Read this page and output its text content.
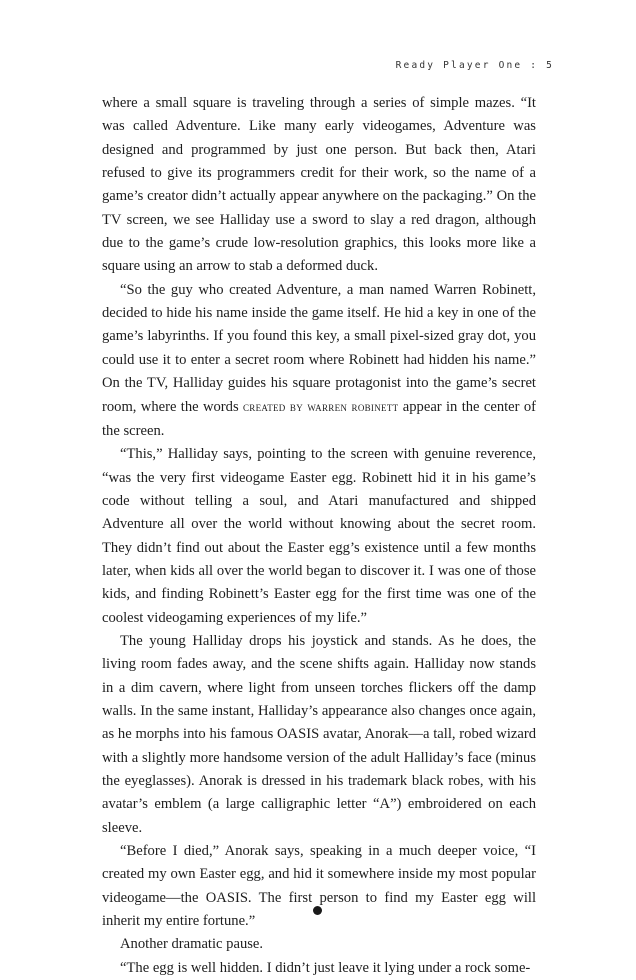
Ready Player One : 5

where a small square is traveling through a series of simple mazes. “It was called Adventure. Like many early videogames, Adventure was designed and programmed by just one person. But back then, Atari refused to give its programmers credit for their work, so the name of a game’s creator didn’t actually appear anywhere on the packaging.” On the TV screen, we see Halliday use a sword to slay a red dragon, although due to the game’s crude low-resolution graphics, this looks more like a square using an arrow to stab a deformed duck.

“So the guy who created Adventure, a man named Warren Robinett, decided to hide his name inside the game itself. He hid a key in one of the game’s labyrinths. If you found this key, a small pixel-sized gray dot, you could use it to enter a secret room where Robinett had hidden his name.” On the TV, Halliday guides his square protagonist into the game’s secret room, where the words created by warren robinett appear in the center of the screen.

“This,” Halliday says, pointing to the screen with genuine reverence, “was the very first videogame Easter egg. Robinett hid it in his game’s code without telling a soul, and Atari manufactured and shipped Adventure all over the world without knowing about the secret room. They didn’t find out about the Easter egg’s existence until a few months later, when kids all over the world began to discover it. I was one of those kids, and finding Robinett’s Easter egg for the first time was one of the coolest videogaming experiences of my life.”

The young Halliday drops his joystick and stands. As he does, the living room fades away, and the scene shifts again. Halliday now stands in a dim cavern, where light from unseen torches flickers off the damp walls. In the same instant, Halliday’s appearance also changes once again, as he morphs into his famous OASIS avatar, Anorak—a tall, robed wizard with a slightly more handsome version of the adult Halliday’s face (minus the eyeglasses). Anorak is dressed in his trademark black robes, with his avatar’s emblem (a large calligraphic letter “A”) embroidered on each sleeve.

“Before I died,” Anorak says, speaking in a much deeper voice, “I created my own Easter egg, and hid it somewhere inside my most popular videogame—the OASIS. The first person to find my Easter egg will inherit my entire fortune.”

Another dramatic pause.

“The egg is well hidden. I didn’t just leave it lying under a rock some-
